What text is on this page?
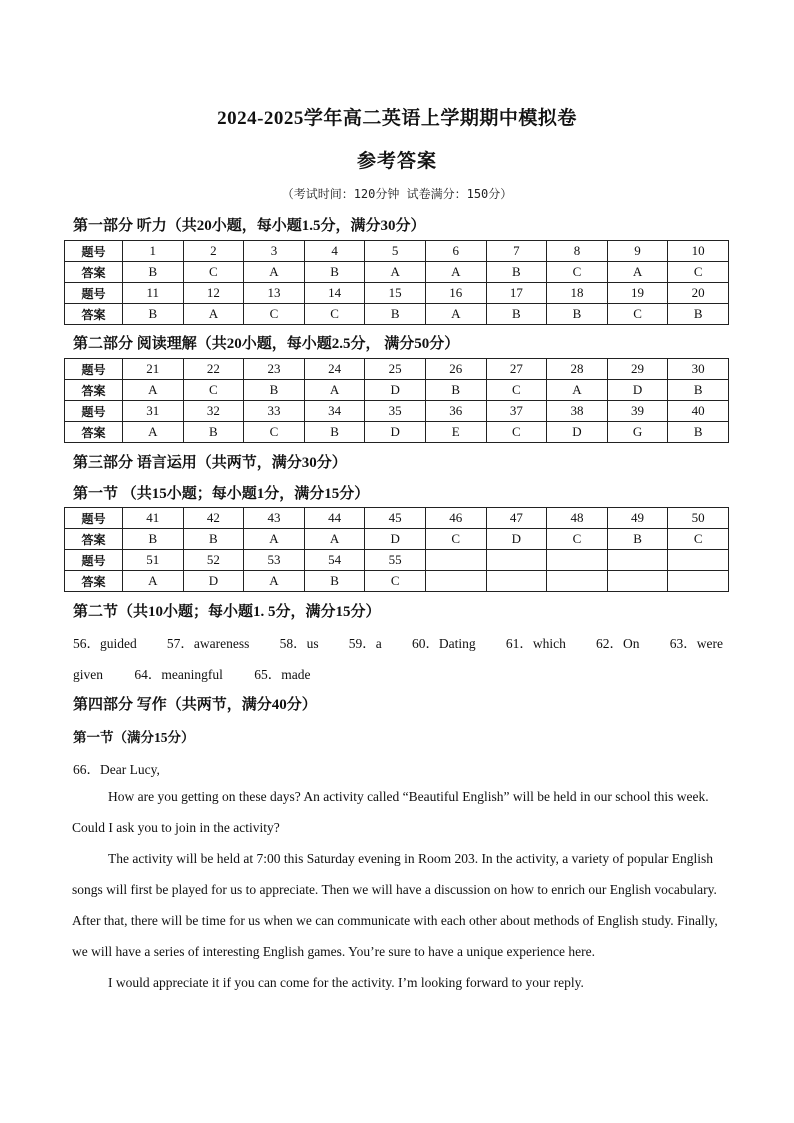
2024-2025学年高二英语上学期期中模拟卷
参考答案
（考试时间：120分钟 试卷满分：150分）
第一部分 听力（共20小题，每小题1.5分，满分30分）
题号	1	2	3	4	5	6	7	8	9	10
答案	B	C	A	B	A	A	B	C	A	C
题号	11	12	13	14	15	16	17	18	19	20
答案	B	A	C	C	B	A	B	B	C	B
第二部分 阅读理解（共20小题，每小题2.5分， 满分50分）
题号	21	22	23	24	25	26	27	28	29	30
答案	A	C	B	A	D	B	C	A	D	B
题号	31	32	33	34	35	36	37	38	39	40
答案	A	B	C	B	D	E	C	D	G	B
第三部分 语言运用（共两节，满分30分）
第一节 （共15小题；每小题1分，满分15分）
题号	41	42	43	44	45	46	47	48	49	50
答案	B	B	A	A	D	C	D	C	B	C
题号	51	52	53	54	55					
答案	A	D	A	B	C					
第二节（共10小题；每小题1. 5分，满分15分）
56．guided 57．awareness 58．us 59．a 60．Dating 61．which 62．On 63．were
given 64．meaningful 65．made
第四部分 写作（共两节，满分40分）
第一节（满分15分）
66．Dear Lucy,

How are you getting on these days? An activity called “Beautiful English” will be held in our school this week. Could I ask you to join in the activity?

The activity will be held at 7:00 this Saturday evening in Room 203. In the activity, a variety of popular English songs will first be played for us to appreciate. Then we will have a discussion on how to enrich our English vocabulary. After that, there will be time for us when we can communicate with each other about methods of English study. Finally, we will have a series of interesting English games. You’re sure to have a unique experience here.

I would appreciate it if you can come for the activity. I’m looking forward to your reply.
